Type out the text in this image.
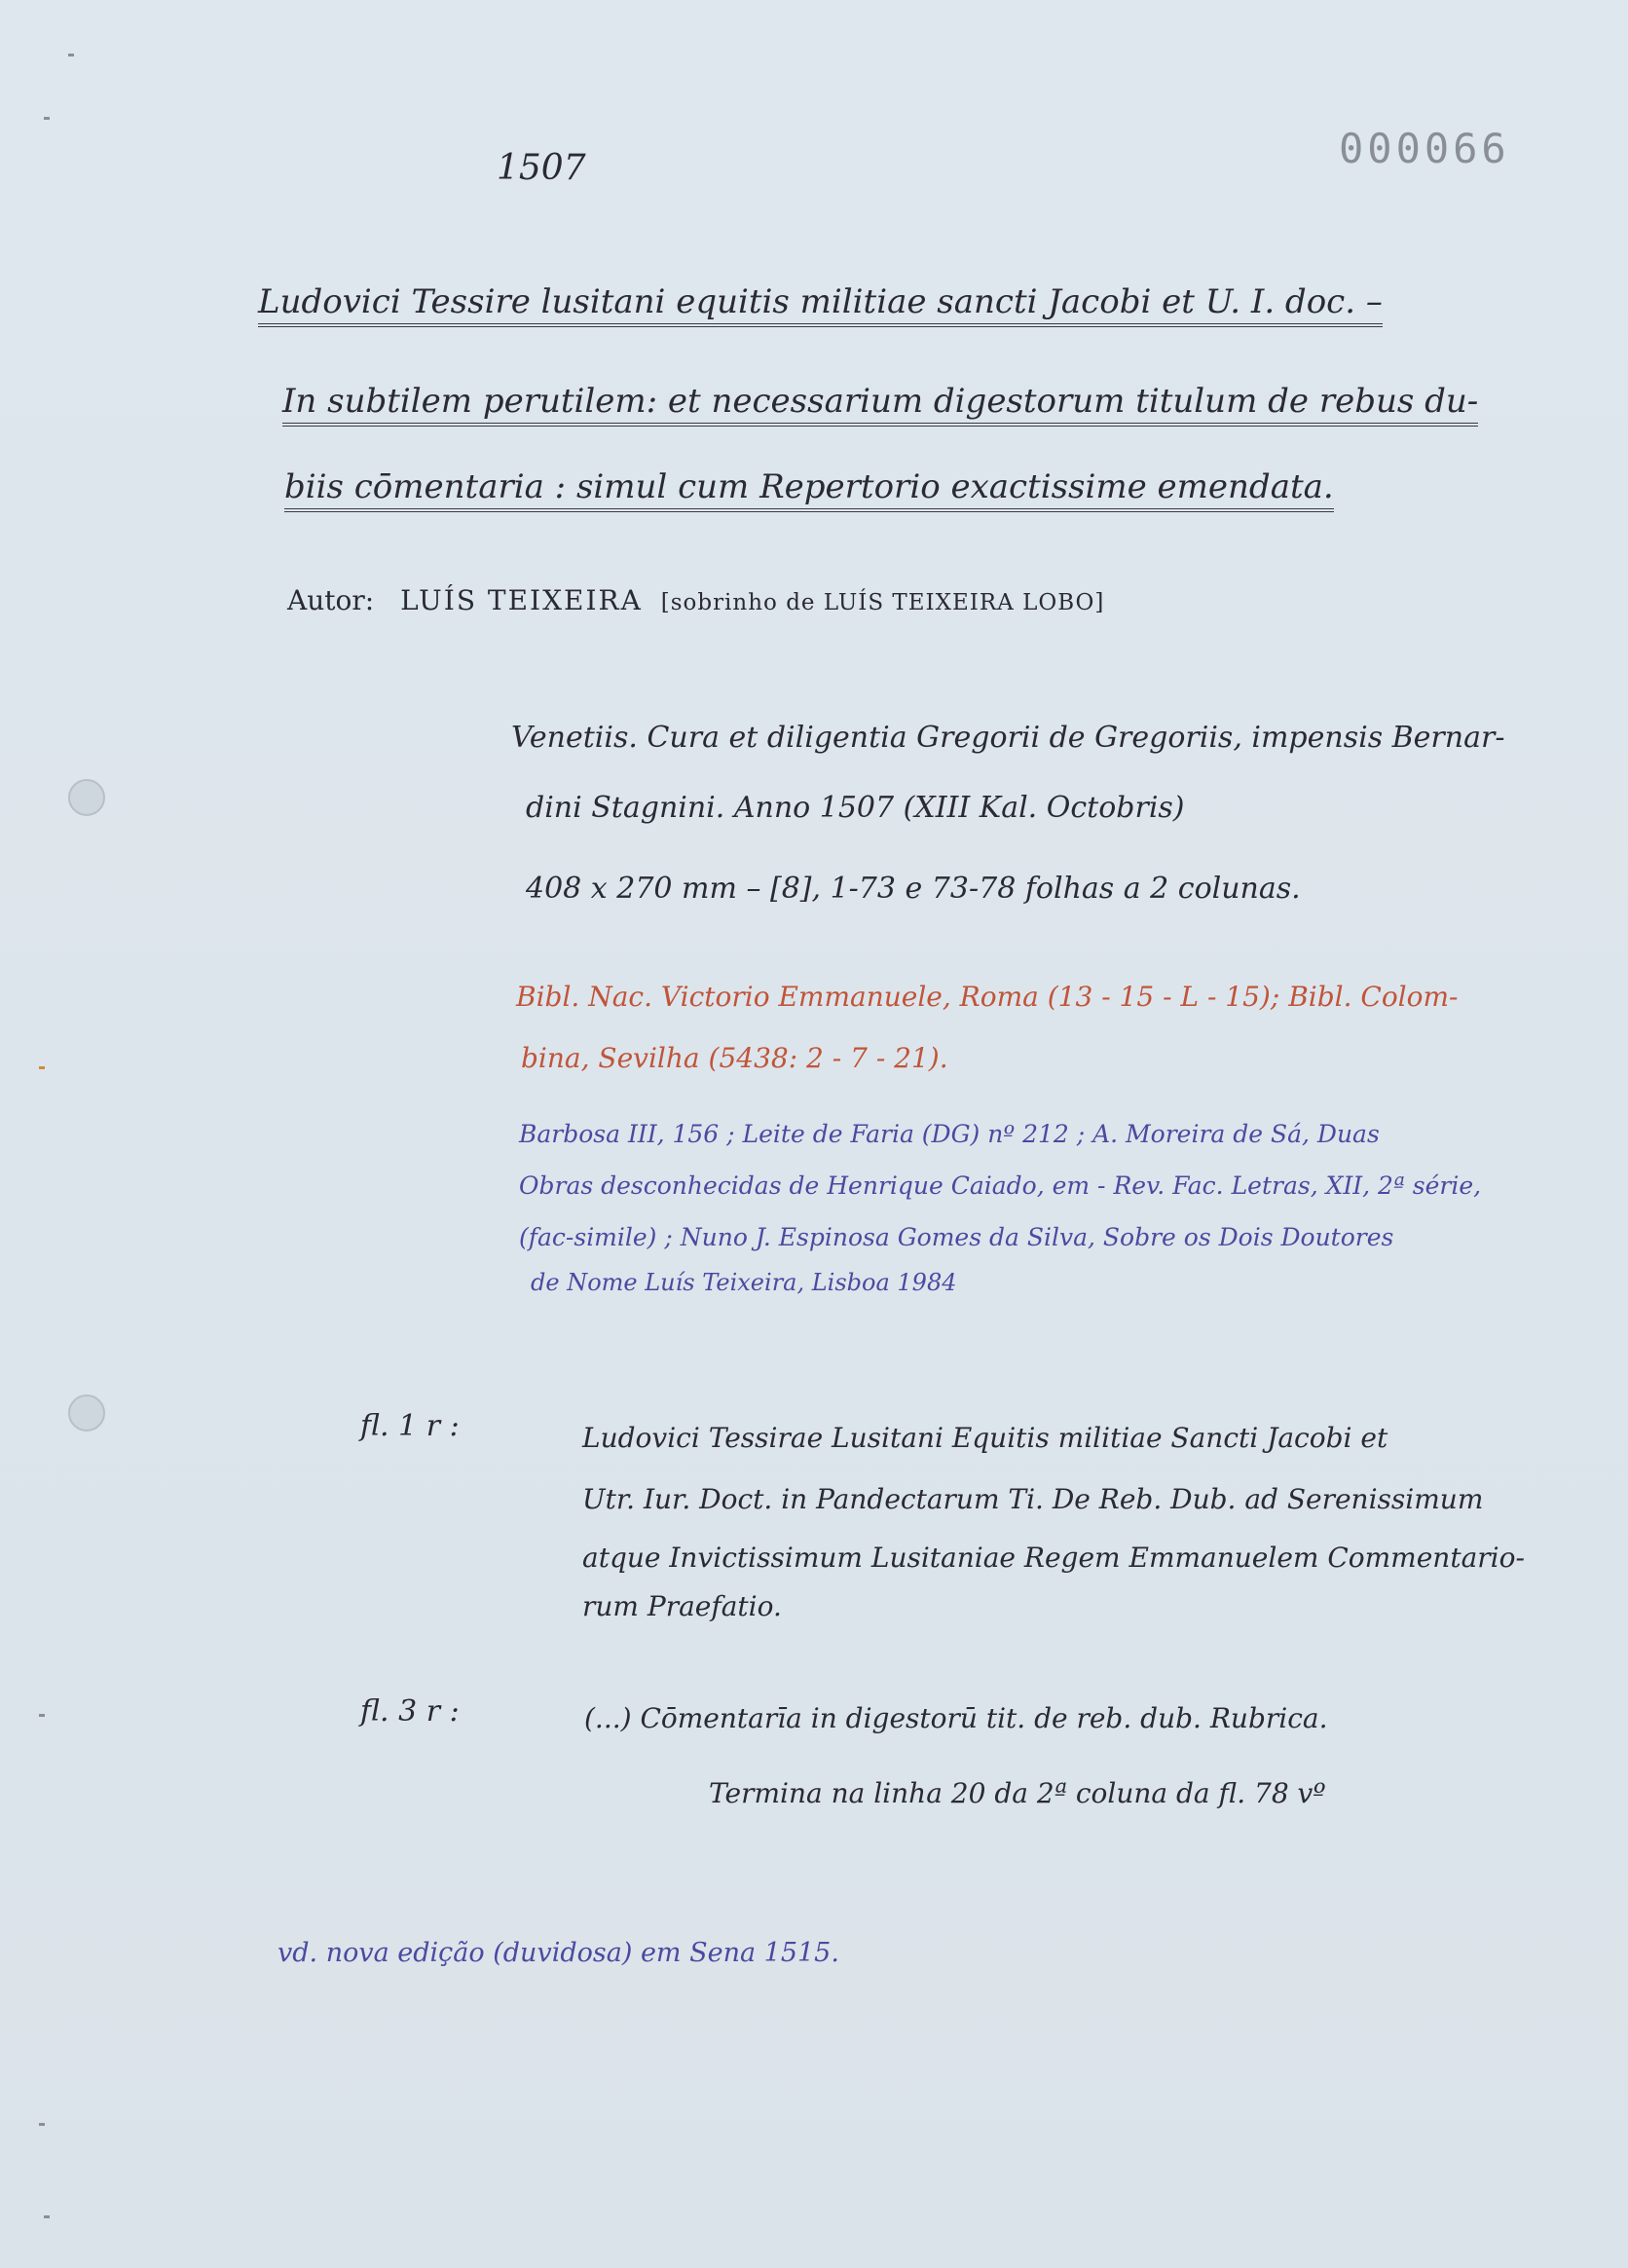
000066
1507
Ludovici Tessire lusitani equitis militiae sancti Jacobi et U. I. doc. –
In subtilem perutilem: et necessarium digestorum titulum de rebus du-
biis cōmentaria : simul cum Repertorio exactissime emendata.
Autor: LUÍS TEIXEIRA [sobrinho de LUÍS TEIXEIRA LOBO]
Venetiis. Cura et diligentia Gregorii de Gregoriis, impensis Bernar-
dini Stagnini. Anno 1507 (XIII Kal. Octobris)
408 x 270 mm – [8], 1-73 e 73-78 folhas a 2 colunas.
Bibl. Nac. Victorio Emmanuele, Roma (13 - 15 - L - 15); Bibl. Colom-
bina, Sevilha (5438: 2 - 7 - 21).
Barbosa III, 156 ; Leite de Faria (DG) nº 212 ; A. Moreira de Sá, Duas
Obras desconhecidas de Henrique Caiado, em - Rev. Fac. Letras, XII, 2ª série,
(fac-simile) ; Nuno J. Espinosa Gomes da Silva, Sobre os Dois Doutores
de Nome Luís Teixeira, Lisboa 1984
fl. 1 r :	Ludovici Tessirae Lusitani Equitis militiae Sancti Jacobi et
Utr. Iur. Doct. in Pandectarum Ti. De Reb. Dub. ad Serenissimum
atque Invictissimum Lusitaniae Regem Emmanuelem Commentario-
rum Praefatio.
fl. 3 r :	(...) Cōmentarīa in digestorū tit. de reb. dub. Rubrica.
Termina na linha 20 da 2ª coluna da fl. 78 vº
vd. nova edição (duvidosa) em Sena 1515.
